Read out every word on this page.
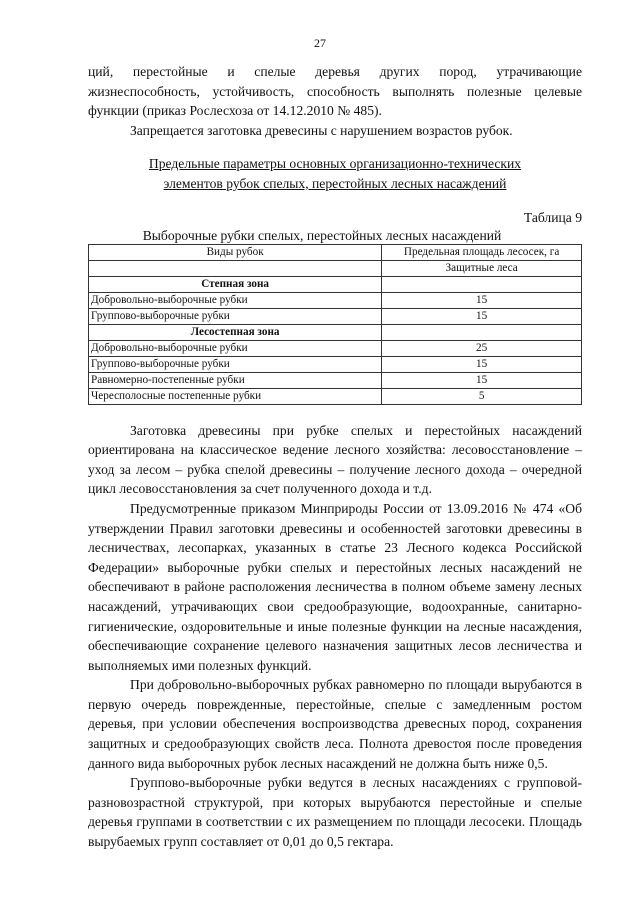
27

ций, перестойные и спелые деревья других пород, утрачивающие жизнеспособность, устойчивость, способность выполнять полезные целевые функции (приказ Рослесхоза от 14.12.2010 № 485).

Запрещается заготовка древесины с нарушением возрастов рубок.

Предельные параметры основных организационно-технических
элементов рубок спелых, перестойных лесных насаждений
Таблица 9
Выборочные рубки спелых, перестойных лесных насаждений
Виды рубок	Предельная площадь лесосек, га
	Защитные леса
Степная зона	
Добровольно-выборочные рубки	15
Группово-выборочные рубки	15
Лесостепная зона	
Добровольно-выборочные рубки	25
Группово-выборочные рубки	15
Равномерно-постепенные рубки	15
Чересполосные постепенные рубки	5

Заготовка древесины при рубке спелых и перестойных насаждений ориентирована на классическое ведение лесного хозяйства: лесовосстановление – уход за лесом – рубка спелой древесины – получение лесного дохода – очередной цикл лесовосстановления за счет полученного дохода и т.д.

Предусмотренные приказом Минприроды России от 13.09.2016 № 474 «Об утверждении Правил заготовки древесины и особенностей заготовки древесины в лесничествах, лесопарках, указанных в статье 23 Лесного кодекса Российской Федерации» выборочные рубки спелых и перестойных лесных насаждений не обеспечивают в районе расположения лесничества в полном объеме замену лесных насаждений, утрачивающих свои средообразующие, водоохранные, санитарно-гигиенические, оздоровительные и иные полезные функции на лесные насаждения, обеспечивающие сохранение целевого назначения защитных лесов лесничества и выполняемых ими полезных функций.

При добровольно-выборочных рубках равномерно по площади вырубаются в первую очередь поврежденные, перестойные, спелые с замедленным ростом деревья, при условии обеспечения воспроизводства древесных пород, сохранения защитных и средообразующих свойств леса. Полнота древостоя после проведения данного вида выборочных рубок лесных насаждений не должна быть ниже 0,5.

Группово-выборочные рубки ведутся в лесных насаждениях с групповой-разновозрастной структурой, при которых вырубаются перестойные и спелые деревья группами в соответствии с их размещением по площади лесосеки. Площадь вырубаемых групп составляет от 0,01 до 0,5 гектара.
